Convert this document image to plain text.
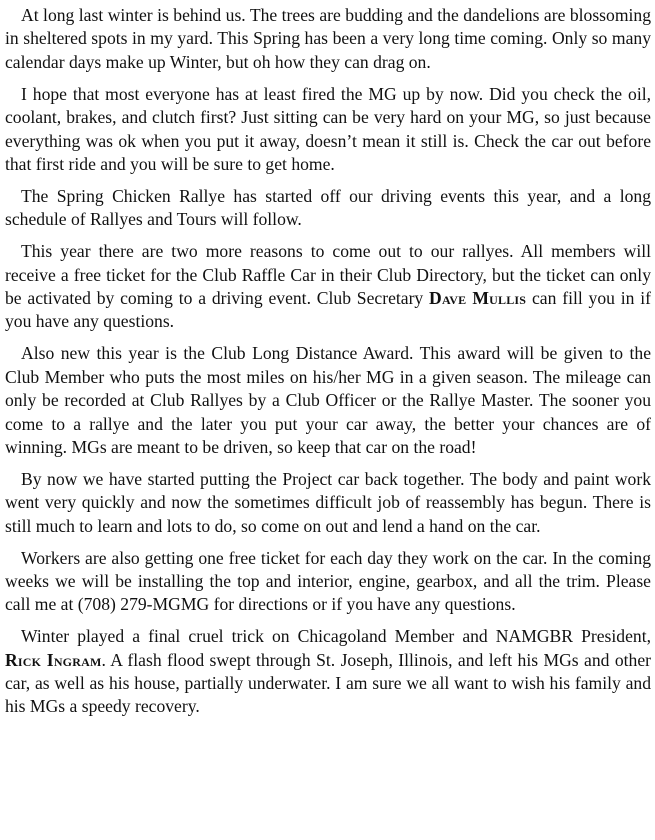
At long last winter is behind us. The trees are budding and the dandelions are blossoming in sheltered spots in my yard. This Spring has been a very long time coming. Only so many calendar days make up Winter, but oh how they can drag on.

I hope that most everyone has at least fired the MG up by now. Did you check the oil, coolant, brakes, and clutch first? Just sitting can be very hard on your MG, so just because everything was ok when you put it away, doesn’t mean it still is. Check the car out before that first ride and you will be sure to get home.

The Spring Chicken Rallye has started off our driving events this year, and a long schedule of Rallyes and Tours will follow.

This year there are two more reasons to come out to our rallyes. All members will receive a free ticket for the Club Raffle Car in their Club Directory, but the ticket can only be activated by coming to a driving event. Club Secretary Dave Mullis can fill you in if you have any questions.

Also new this year is the Club Long Distance Award. This award will be given to the Club Member who puts the most miles on his/her MG in a given season. The mileage can only be recorded at Club Rallyes by a Club Officer or the Rallye Master. The sooner you come to a rallye and the later you put your car away, the better your chances are of winning. MGs are meant to be driven, so keep that car on the road!

By now we have started putting the Project car back together. The body and paint work went very quickly and now the sometimes difficult job of reassembly has begun. There is still much to learn and lots to do, so come on out and lend a hand on the car.

Workers are also getting one free ticket for each day they work on the car. In the coming weeks we will be installing the top and interior, engine, gearbox, and all the trim. Please call me at (708) 279-MGMG for directions or if you have any questions.

Winter played a final cruel trick on Chicagoland Member and NAMGBR President, Rick Ingram. A flash flood swept through St. Joseph, Illinois, and left his MGs and other car, as well as his house, partially underwater. I am sure we all want to wish his family and his MGs a speedy recovery.
